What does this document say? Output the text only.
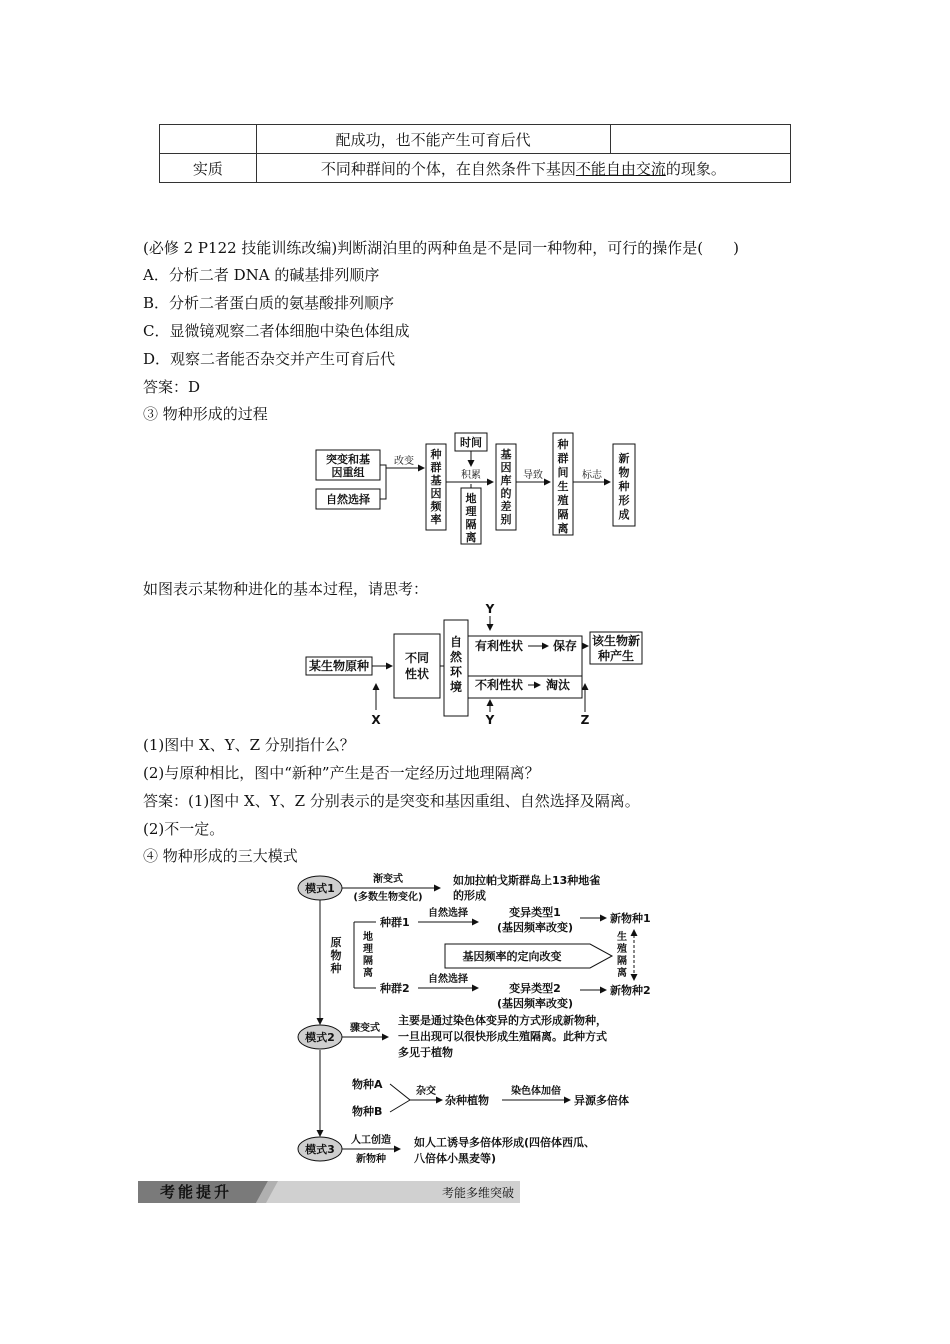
	配成功，也不能产生可育后代	
实质	不同种群间的个体，在自然条件下基因不能自由交流的现象。	
(必修 2 P122 技能训练改编)判断湖泊里的两种鱼是不是同一种物种，可行的操作是(　　)
A．分析二者 DNA 的碱基排列顺序
B．分析二者蛋白质的氨基酸排列顺序
C．显微镜观察二者体细胞中染色体组成
D．观察二者能否杂交并产生可育后代
答案：D
③ 物种形成的过程
突变和基
因重组
自然选择
改变
种
群
基
因
频
率
时间
积累
地
理
隔
离
基
因
库
的
差
别
导致
种
群
间
生
殖
隔
离
标志
新
物
种
形
成
如图表示某物种进化的基本过程，请思考：
Y
某生物原种
不同
性状
自
然
环
境
有利性状 保存 该生物新
种产生
不利性状 淘汰
X	Y	Z
(1)图中 X、Y、Z 分别指什么？
(2)与原种相比，图中“新种”产生是否一定经历过地理隔离？
答案：(1)图中 X、Y、Z 分别表示的是突变和基因重组、自然选择及隔离。
(2)不一定。
④ 物种形成的三大模式
模式1
渐变式
(多数生物变化)
如加拉帕戈斯群岛上13种地雀
的形成
原
物
种
地
理
隔
离
种群1
种群2
自然选择
自然选择
变异类型1
(基因频率改变)
变异类型2
(基因频率改变)
基因频率的定向改变
新物种1
新物种2
生
殖
隔
离
模式2
骤变式
主要是通过染色体变异的方式形成新物种，
一旦出现可以很快形成生殖隔离。此种方式
多见于植物
物种A
物种B
杂交
杂种植物
染色体加倍
异源多倍体
模式3
人工创造
新物种
如人工诱导多倍体形成(四倍体西瓜、
八倍体小黑麦等)
考能提升	考能多维突破
